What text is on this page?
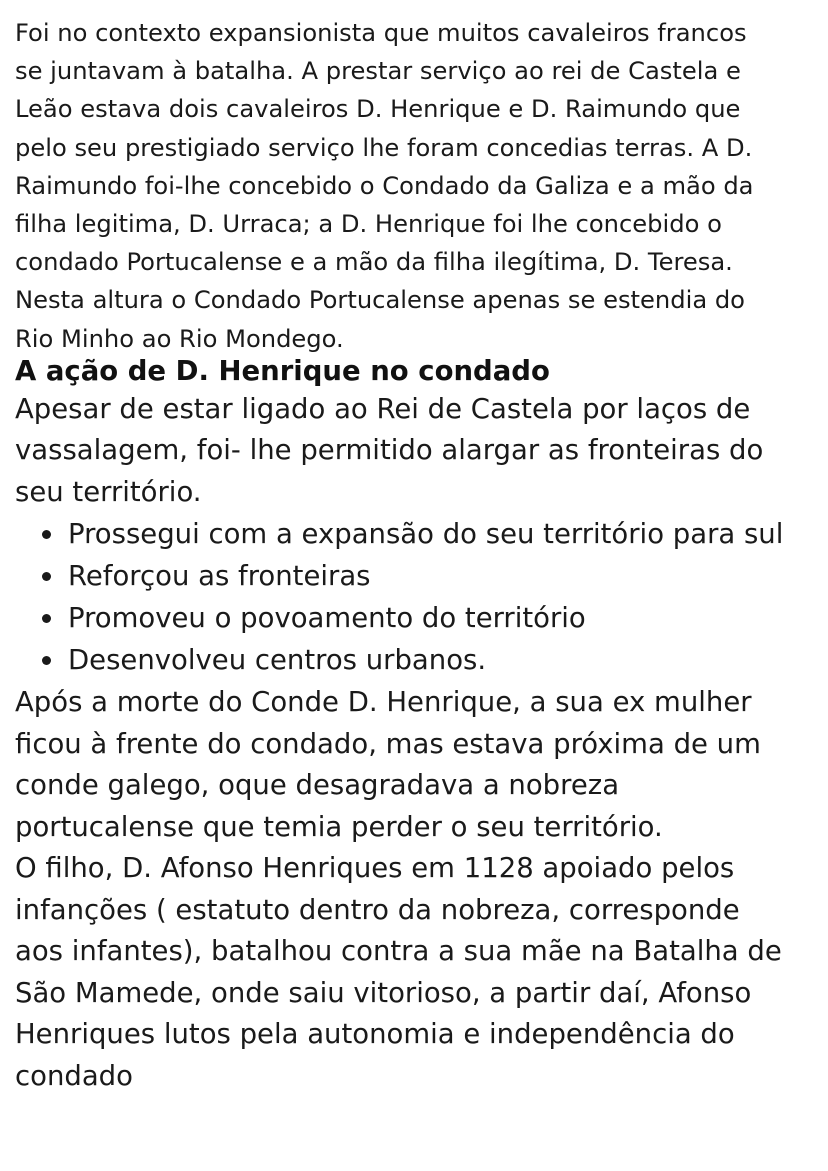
Foi no contexto expansionista que muitos cavaleiros francos
se juntavam à batalha. A prestar serviço ao rei de Castela e
Leão estava dois cavaleiros D. Henrique e D. Raimundo que
pelo seu prestigiado serviço lhe foram concedias terras. A D.
Raimundo foi-lhe concebido o Condado da Galiza e a mão da
filha legitima, D. Urraca; a D. Henrique foi lhe concebido o
condado Portucalense e a mão da filha ilegítima, D. Teresa.
Nesta altura o Condado Portucalense apenas se estendia do
Rio Minho ao Rio Mondego.

A ação de D. Henrique no condado

Apesar de estar ligado ao Rei de Castela por laços de
vassalagem, foi- lhe permitido alargar as fronteiras do
seu território.

Prossegui com a expansão do seu território para sul
Reforçou as fronteiras
Promoveu o povoamento do território
Desenvolveu centros urbanos.

Após a morte do Conde D. Henrique, a sua ex mulher
ficou à frente do condado, mas estava próxima de um
conde galego, oque desagradava a nobreza
portucalense que temia perder o seu território.

O filho, D. Afonso Henriques em 1128 apoiado pelos
infanções ( estatuto dentro da nobreza, corresponde
aos infantes), batalhou contra a sua mãe na Batalha de
São Mamede, onde saiu vitorioso, a partir daí, Afonso
Henriques lutos pela autonomia e independência do
condado
